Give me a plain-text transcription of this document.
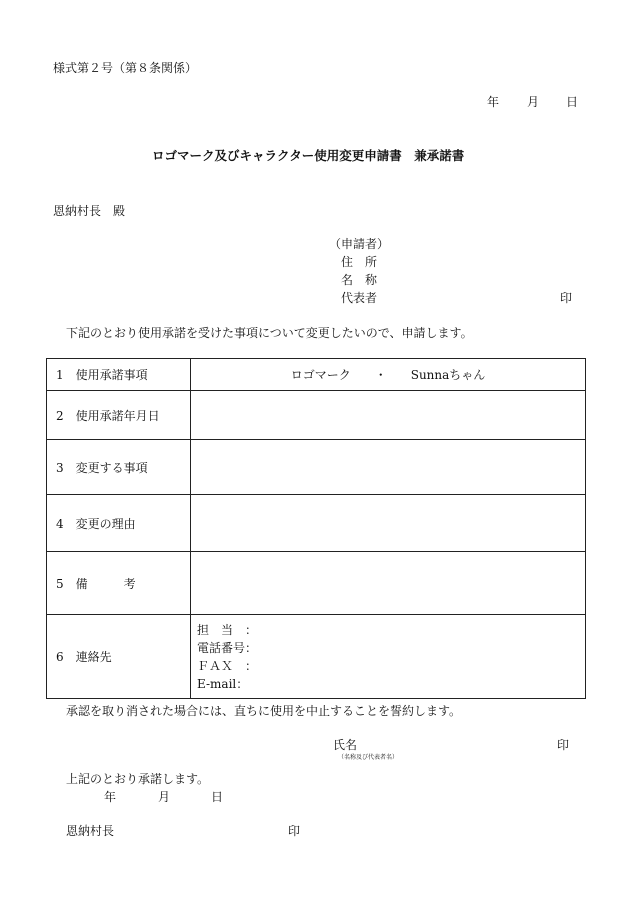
様式第２号（第８条関係）
年 月 日
ロゴマーク及びキャラクター使用変更申請書　兼承諾書
恩納村長　殿
（申請者）
住　所
名　称
代表者	印
下記のとおり使用承諾を受けた事項について変更したいので、申請します。
1　使用承諾事項	ロゴマーク　　・　　Sunnaちゃん
2　使用承諾年月日	
3　変更する事項	
4　変更の理由	
5　備　　　考	
6　連絡先	担　当　：
電話番号：
ＦＡＸ　：
E-mail：
承認を取り消された場合には、直ちに使用を中止することを誓約します。
氏名
（名称及び代表者名）
印
上記のとおり承諾します。
年	月	日
恩納村長	印
